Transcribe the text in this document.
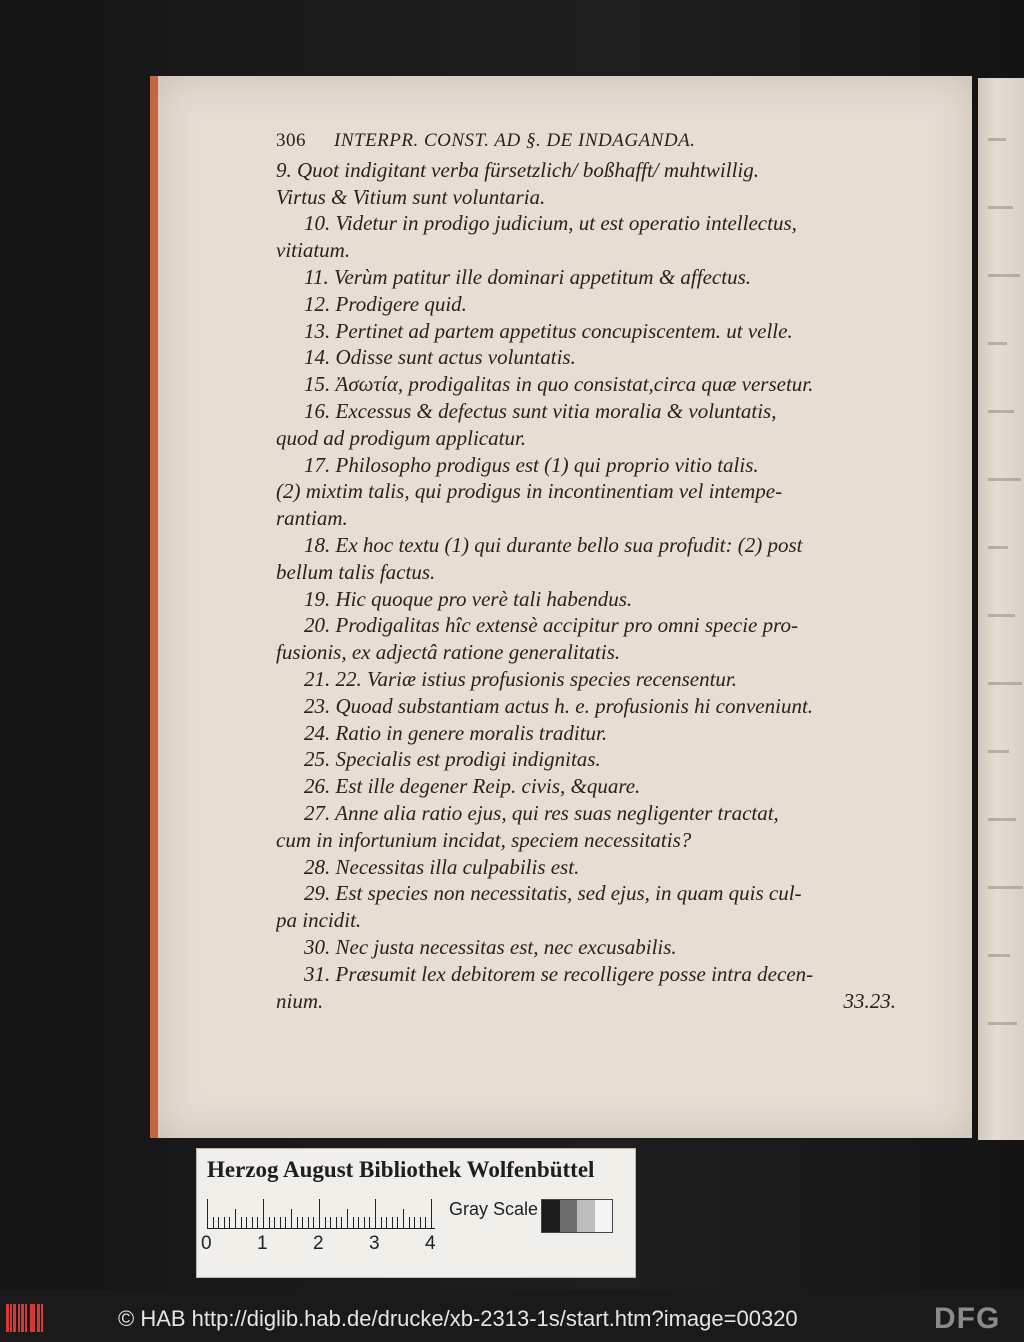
306 INTERPR. CONST. AD §. DE INDAGANDA.
9. Quot indigitant verba fürsetzlich/ boßhafft/ muhtwillig.
Virtus & Vitium sunt voluntaria.
10. Videtur in prodigo judicium, ut est operatio intellectus,
vitiatum.
11. Verùm patitur ille dominari appetitum & affectus.
12. Prodigere quid.
13. Pertinet ad partem appetitus concupiscentem. ut velle.
14. Odisse sunt actus voluntatis.
15. Ἀσωτία, prodigalitas in quo consistat,circa quæ versetur.
16. Excessus & defectus sunt vitia moralia & voluntatis,
quod ad prodigum applicatur.
17. Philosopho prodigus est (1) qui proprio vitio talis.
(2) mixtim talis, qui prodigus in incontinentiam vel intempe-
rantiam.
18. Ex hoc textu (1) qui durante bello sua profudit: (2) post
bellum talis factus.
19. Hic quoque pro verè tali habendus.
20. Prodigalitas hîc extensè accipitur pro omni specie pro-
fusionis, ex adjectâ ratione generalitatis.
21. 22. Variæ istius profusionis species recensentur.
23. Quoad substantiam actus h. e. profusionis hi conveniunt.
24. Ratio in genere moralis traditur.
25. Specialis est prodigi indignitas.
26. Est ille degener Reip. civis, &quare.
27. Anne alia ratio ejus, qui res suas negligenter tractat,
cum in infortunium incidat, speciem necessitatis?
28. Necessitas illa culpabilis est.
29. Est species non necessitatis, sed ejus, in quam quis cul-
pa incidit.
30. Nec justa necessitas est, nec excusabilis.
31. Præsumit lex debitorem se recolligere posse intra decen-
nium.	33.23.
Herzog August Bibliothek Wolfenbüttel
0 1 2 3 4
Gray Scale
© HAB http://diglib.hab.de/drucke/xb-2313-1s/start.htm?image=00320	DFG
